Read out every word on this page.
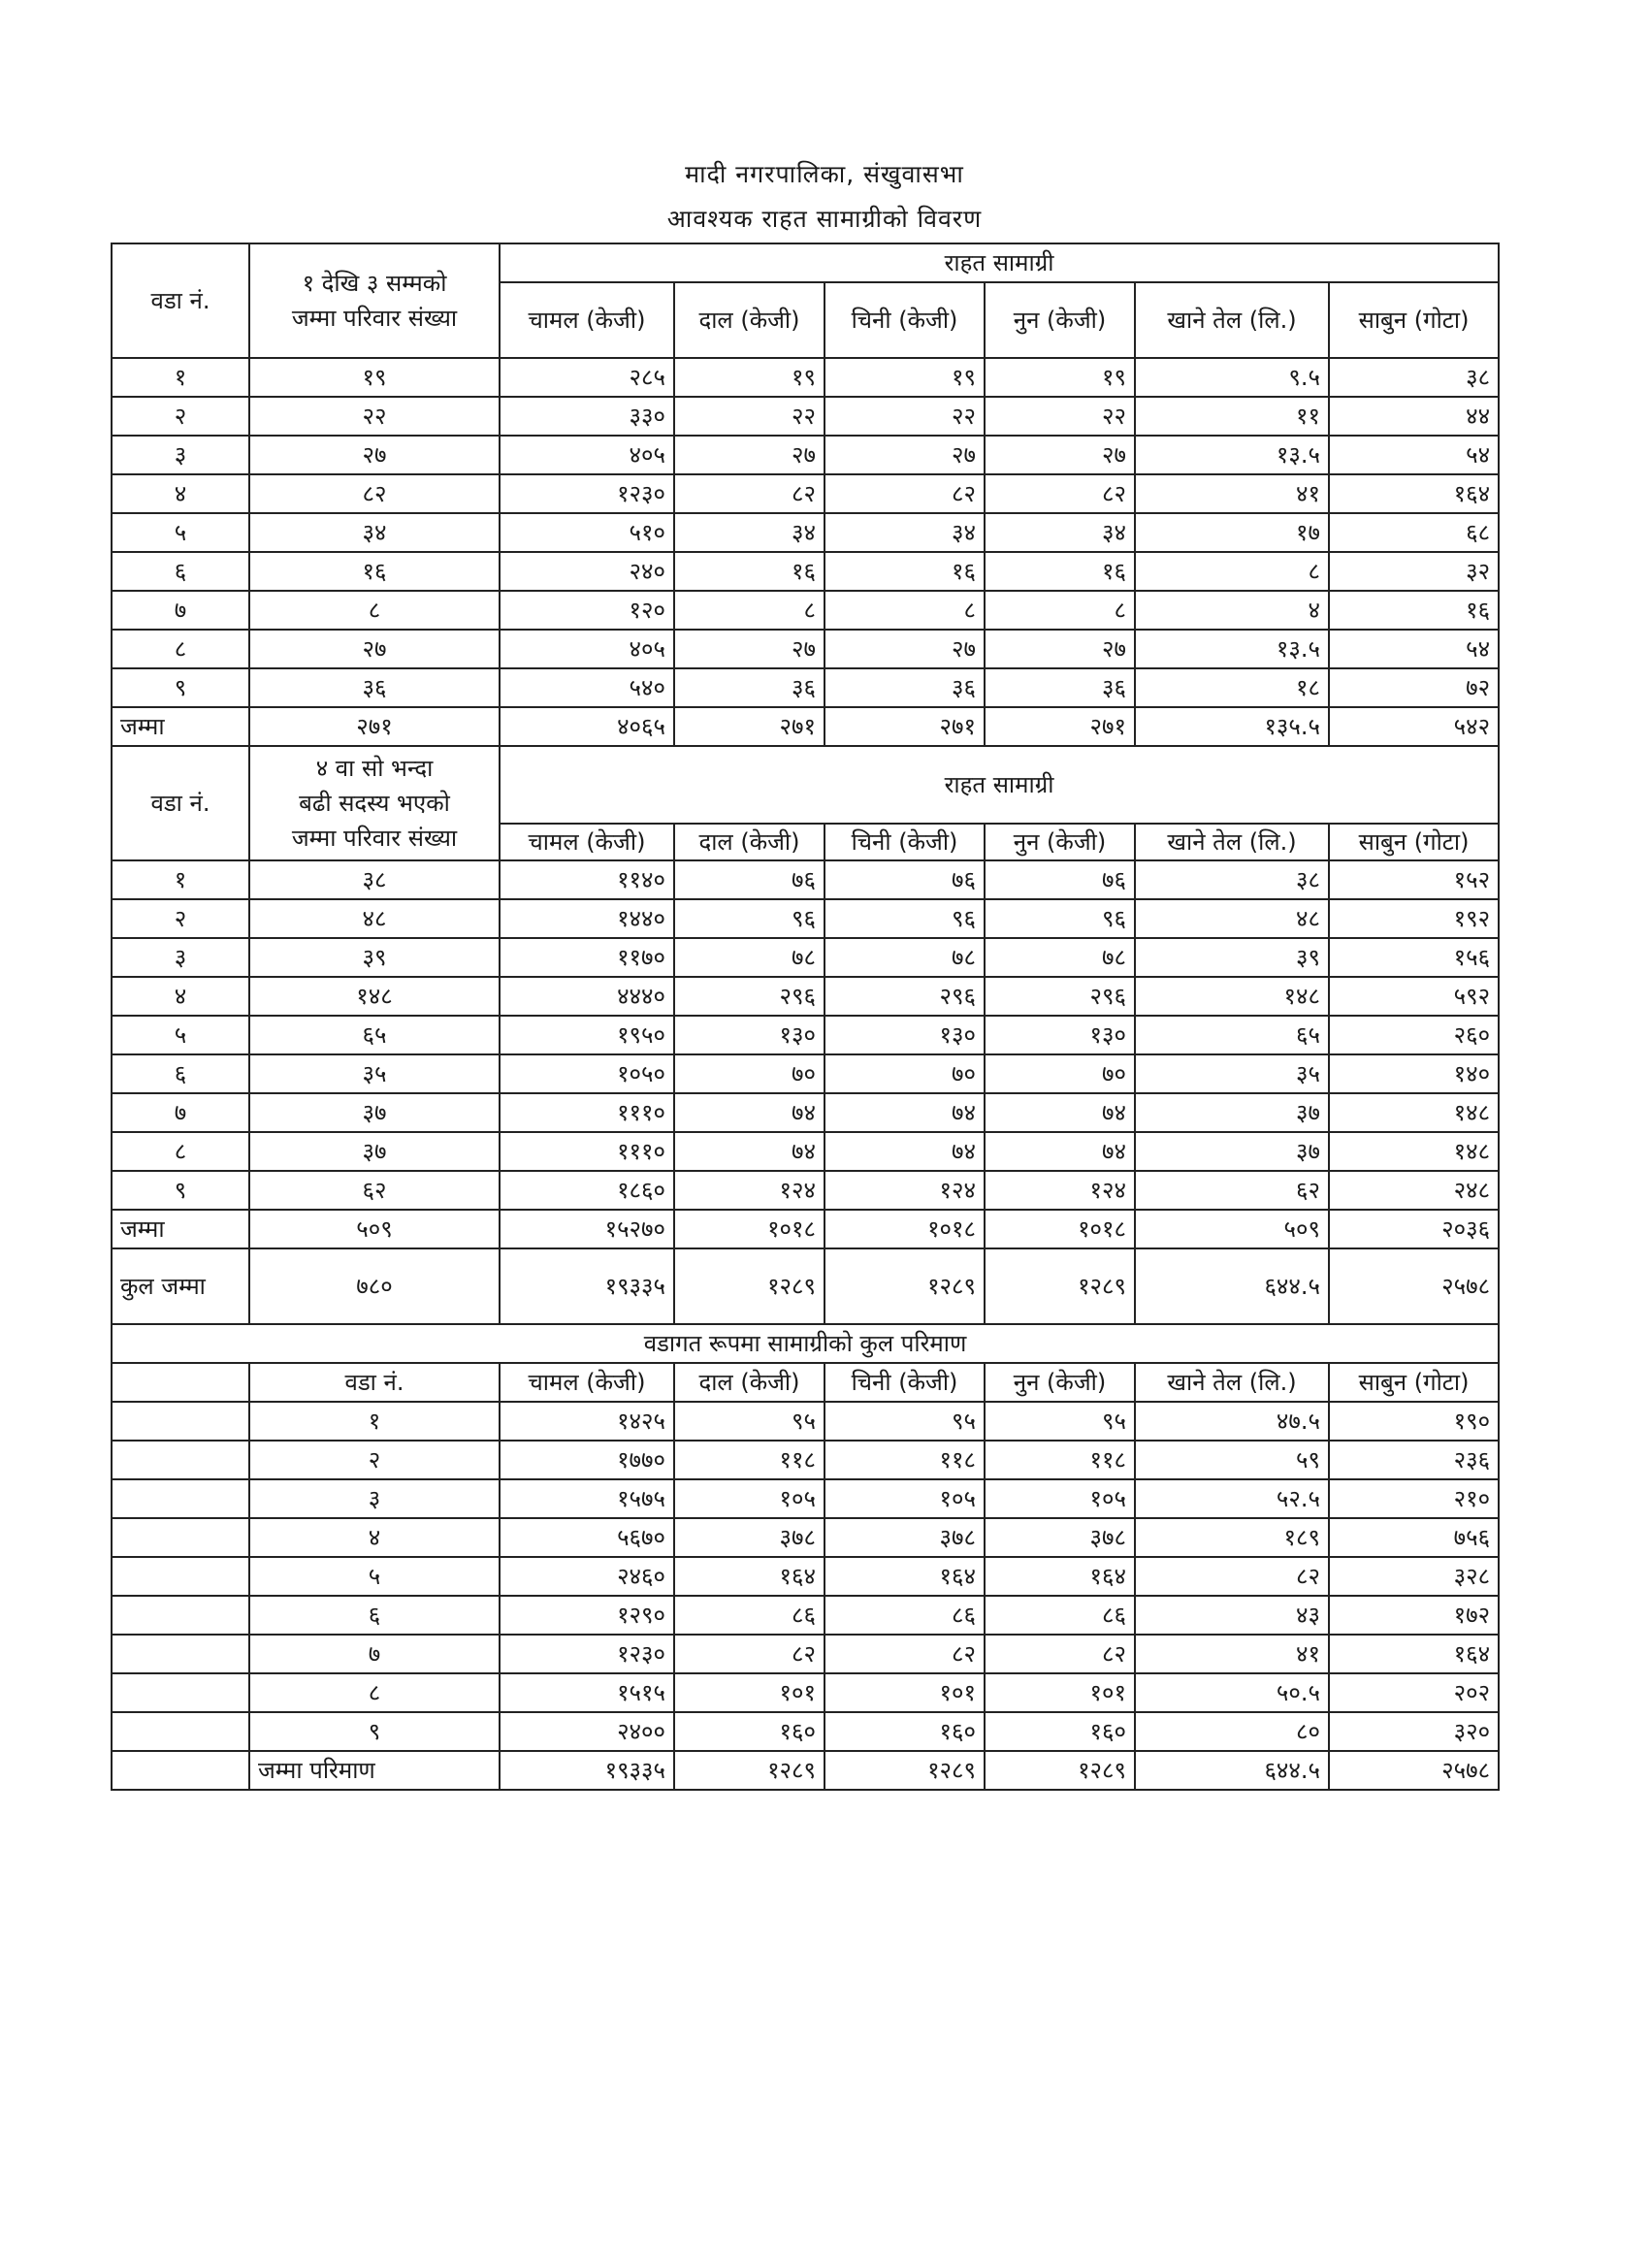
मादी नगरपालिका, संखुवासभा
आवश्यक राहत सामाग्रीको विवरण
वडा नं.	१ देखि ३ सम्मको
जम्मा परिवार संख्या	राहत सामाग्री					
		चामल (केजी)	दाल (केजी)	चिनी (केजी)	नुन (केजी)	खाने तेल (लि.)	साबुन (गोटा)
१	१९	२८५	१९	१९	१९	९.५	३८
२	२२	३३०	२२	२२	२२	११	४४
३	२७	४०५	२७	२७	२७	१३.५	५४
४	८२	१२३०	८२	८२	८२	४१	१६४
५	३४	५१०	३४	३४	३४	१७	६८
६	१६	२४०	१६	१६	१६	८	३२
७	८	१२०	८	८	८	४	१६
८	२७	४०५	२७	२७	२७	१३.५	५४
९	३६	५४०	३६	३६	३६	१८	७२
जम्मा	२७१	४०६५	२७१	२७१	२७१	१३५.५	५४२
वडा नं.	४ वा सो भन्दा
बढी सदस्य भएको
जम्मा परिवार संख्या	राहत सामाग्री					
		चामल (केजी)	दाल (केजी)	चिनी (केजी)	नुन (केजी)	खाने तेल (लि.)	साबुन (गोटा)
१	३८	११४०	७६	७६	७६	३८	१५२
२	४८	१४४०	९६	९६	९६	४८	१९२
३	३९	११७०	७८	७८	७८	३९	१५६
४	१४८	४४४०	२९६	२९६	२९६	१४८	५९२
५	६५	१९५०	१३०	१३०	१३०	६५	२६०
६	३५	१०५०	७०	७०	७०	३५	१४०
७	३७	१११०	७४	७४	७४	३७	१४८
८	३७	१११०	७४	७४	७४	३७	१४८
९	६२	१८६०	१२४	१२४	१२४	६२	२४८
जम्मा	५०९	१५२७०	१०१८	१०१८	१०१८	५०९	२०३६
कुल जम्मा	७८०	१९३३५	१२८९	१२८९	१२८९	६४४.५	२५७८
वडागत रूपमा सामाग्रीको कुल परिमाण							
	वडा नं.	चामल (केजी)	दाल (केजी)	चिनी (केजी)	नुन (केजी)	खाने तेल (लि.)	साबुन (गोटा)
	१	१४२५	९५	९५	९५	४७.५	१९०
	२	१७७०	११८	११८	११८	५९	२३६
	३	१५७५	१०५	१०५	१०५	५२.५	२१०
	४	५६७०	३७८	३७८	३७८	१८९	७५६
	५	२४६०	१६४	१६४	१६४	८२	३२८
	६	१२९०	८६	८६	८६	४३	१७२
	७	१२३०	८२	८२	८२	४१	१६४
	८	१५१५	१०१	१०१	१०१	५०.५	२०२
	९	२४००	१६०	१६०	१६०	८०	३२०
	जम्मा परिमाण	१९३३५	१२८९	१२८९	१२८९	६४४.५	२५७८
